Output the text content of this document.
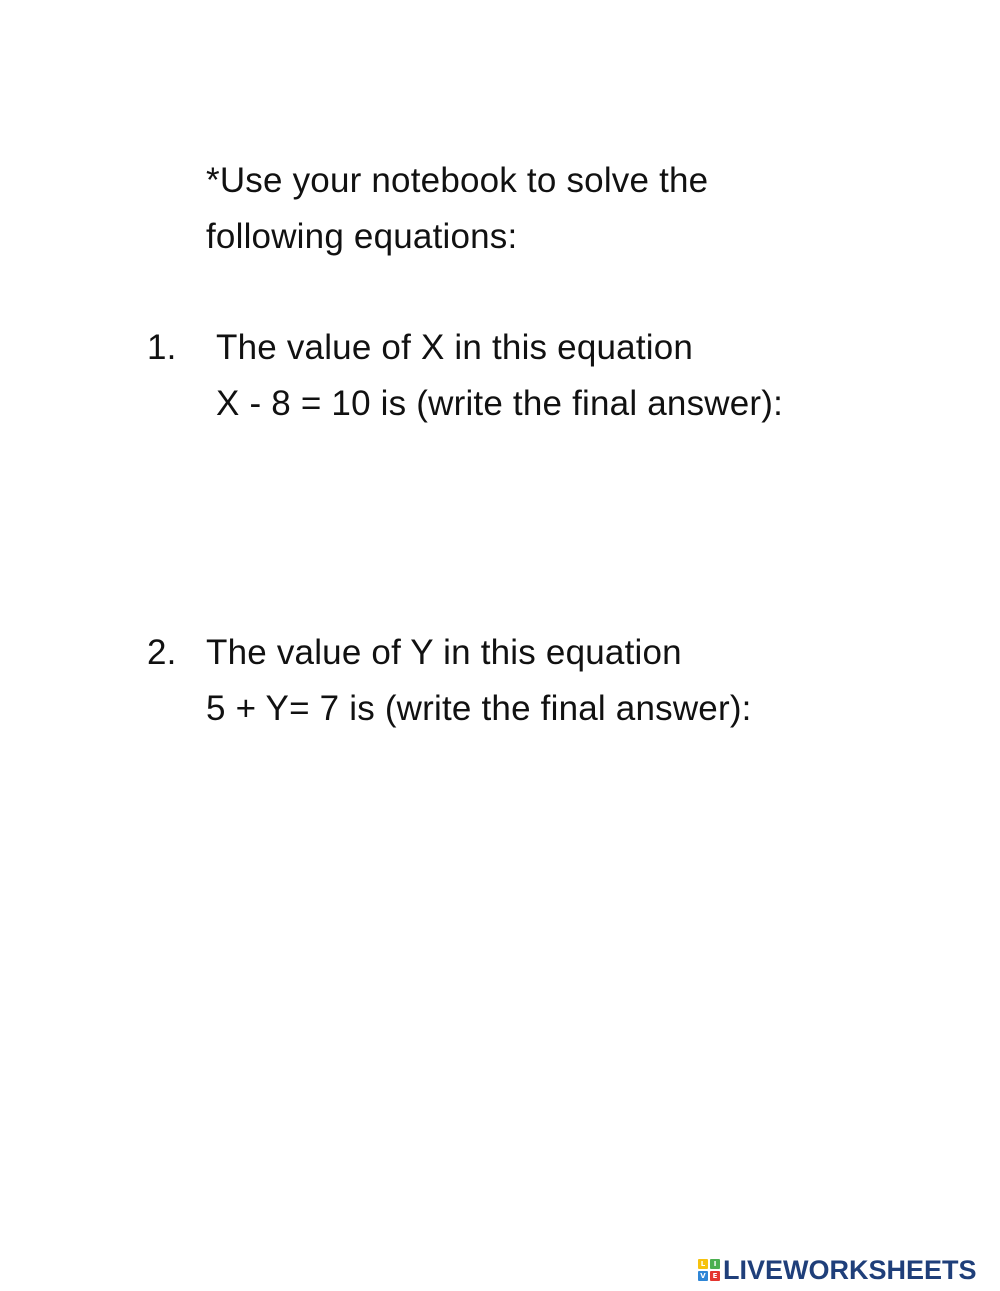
*Use your notebook to solve the
following equations:
1. The value of X in this equation
X - 8 = 10 is (write the final answer):
2. The value of Y in this equation
5 + Y= 7 is (write the final answer):
L	I
V E LIVEWORKSHEETS
